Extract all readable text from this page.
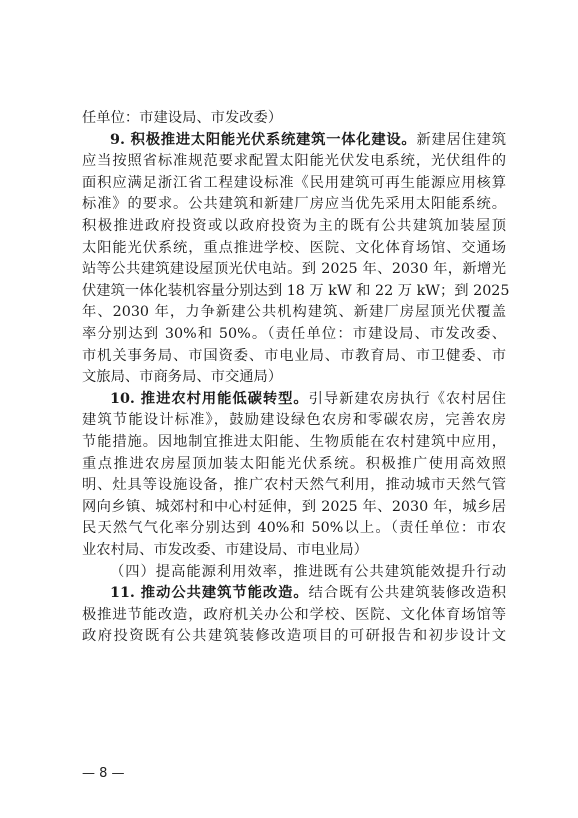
任单位：市建设局、市发改委）
9. 积极推进太阳能光伏系统建筑一体化建设。新建居住建筑
应当按照省标准规范要求配置太阳能光伏发电系统，光伏组件的
面积应满足浙江省工程建设标准《民用建筑可再生能源应用核算
标准》的要求。公共建筑和新建厂房应当优先采用太阳能系统。
积极推进政府投资或以政府投资为主的既有公共建筑加装屋顶
太阳能光伏系统，重点推进学校、医院、文化体育场馆、交通场
站等公共建筑建设屋顶光伏电站。到 2025 年、2030 年，新增光
伏建筑一体化装机容量分别达到 18 万 kW 和 22 万 kW；到 2025
年、2030 年，力争新建公共机构建筑、新建厂房屋顶光伏覆盖
率分别达到 30%和 50%。（责任单位：市建设局、市发改委、
市机关事务局、市国资委、市电业局、市教育局、市卫健委、市
文旅局、市商务局、市交通局）
10. 推进农村用能低碳转型。引导新建农房执行《农村居住
建筑节能设计标准》，鼓励建设绿色农房和零碳农房，完善农房
节能措施。因地制宜推进太阳能、生物质能在农村建筑中应用，
重点推进农房屋顶加装太阳能光伏系统。积极推广使用高效照
明、灶具等设施设备，推广农村天然气利用，推动城市天然气管
网向乡镇、城郊村和中心村延伸，到 2025 年、2030 年，城乡居
民天然气气化率分别达到 40%和 50%以上。（责任单位：市农
业农村局、市发改委、市建设局、市电业局）
（四）提高能源利用效率，推进既有公共建筑能效提升行动
11. 推动公共建筑节能改造。结合既有公共建筑装修改造积
极推进节能改造，政府机关办公和学校、医院、文化体育场馆等
政府投资既有公共建筑装修改造项目的可研报告和初步设计文
— 8 —
